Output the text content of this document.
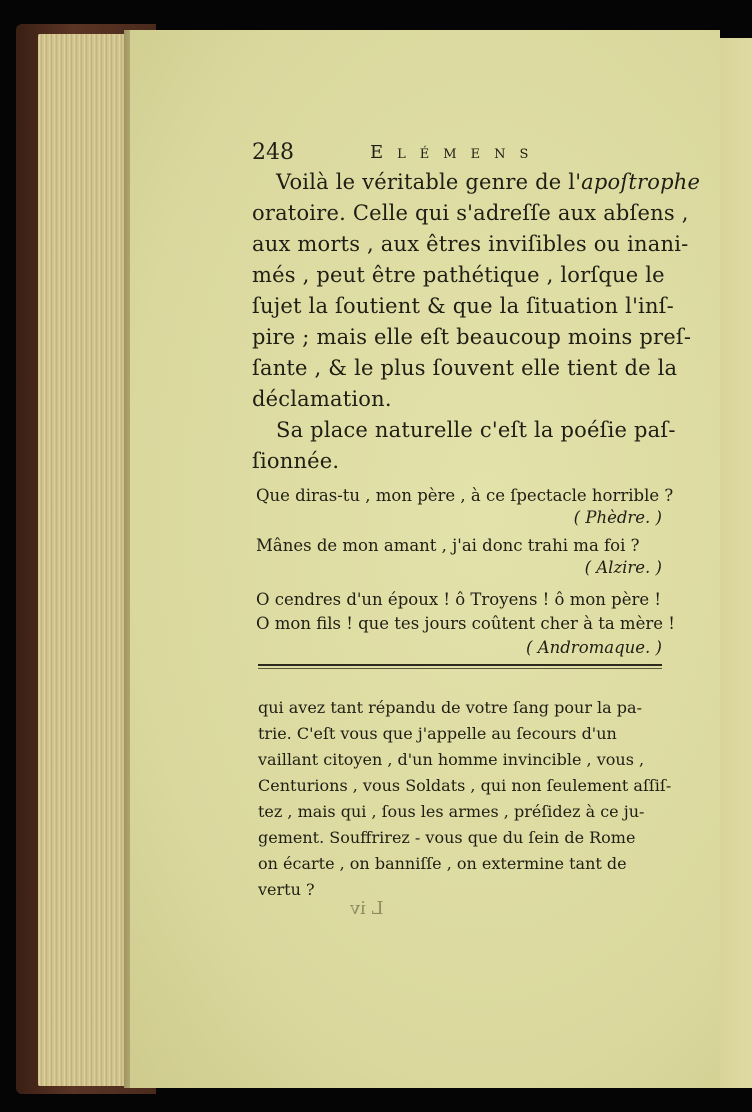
248	Elémens

Voilà le véritable genre de l'apoſtrophe

oratoire. Celle qui s'adreſſe aux abſens ,

aux morts , aux êtres inviſibles ou inani-

més , peut être pathétique , lorſque le

ſujet la ſoutient & que la ſituation l'inſ-

pire ; mais elle eſt beaucoup moins preſ-

ſante , & le plus ſouvent elle tient de la

déclamation.

Sa place naturelle c'eſt la poéſie paſ-

ſionnée.

Que diras-tu , mon père , à ce ſpectacle horrible ?

( Phèdre. )

Mânes de mon amant , j'ai donc trahi ma foi ?

( Alzire. )

O cendres d'un époux ! ô Troyens ! ô mon père !

O mon fils ! que tes jours coûtent cher à ta mère !

( Andromaque. )

qui avez tant répandu de votre ſang pour la pa-

trie. C'eſt vous que j'appelle au ſecours d'un

vaillant citoyen , d'un homme invincible , vous ,

Centurions , vous Soldats , qui non ſeulement aſſiſ-

tez , mais qui , ſous les armes , préſidez à ce ju-

gement. Souffrirez - vous que du ſein de Rome

on écarte , on banniſſe , on extermine tant de

vertu ?

L iv
